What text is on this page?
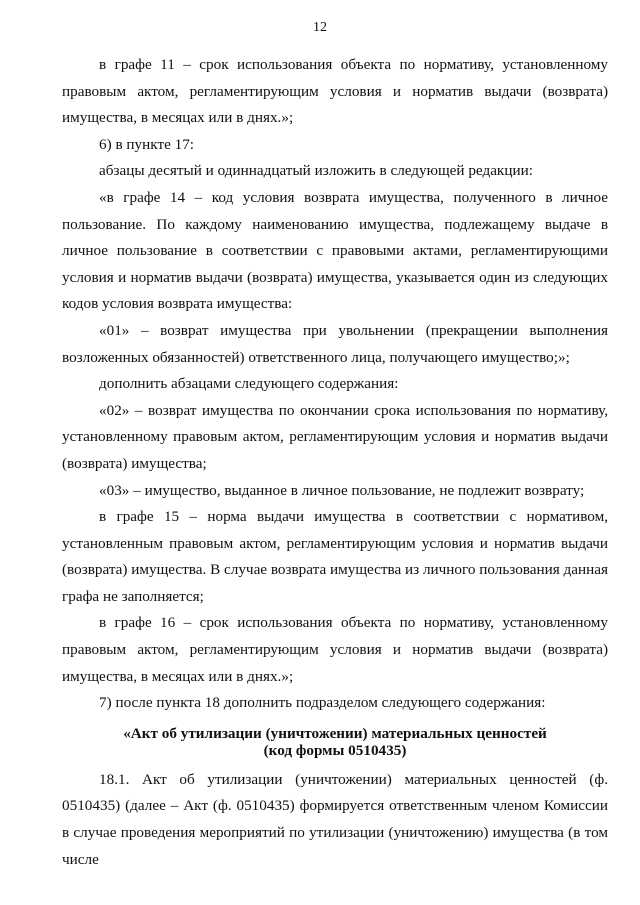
12

в графе 11 – срок использования объекта по нормативу, установленному правовым актом, регламентирующим условия и норматив выдачи (возврата) имущества, в месяцах или в днях.»;

6) в пункте 17:

абзацы десятый и одиннадцатый изложить в следующей редакции:

«в графе 14 – код условия возврата имущества, полученного в личное пользование. По каждому наименованию имущества, подлежащему выдаче в личное пользование в соответствии с правовыми актами, регламентирующими условия и норматив выдачи (возврата) имущества, указывается один из следующих кодов условия возврата имущества:

«01» – возврат имущества при увольнении (прекращении выполнения возложенных обязанностей) ответственного лица, получающего имущество;»;

дополнить абзацами следующего содержания:

«02» – возврат имущества по окончании срока использования по нормативу, установленному правовым актом, регламентирующим условия и норматив выдачи (возврата) имущества;

«03» – имущество, выданное в личное пользование, не подлежит возврату;

в графе 15 – норма выдачи имущества в соответствии с нормативом, установленным правовым актом, регламентирующим условия и норматив выдачи (возврата) имущества. В случае возврата имущества из личного пользования данная графа не заполняется;

в графе 16 – срок использования объекта по нормативу, установленному правовым актом, регламентирующим условия и норматив выдачи (возврата) имущества, в месяцах или в днях.»;

7) после пункта 18 дополнить подразделом следующего содержания:

«Акт об утилизации (уничтожении) материальных ценностей
(код формы 0510435)

18.1. Акт об утилизации (уничтожении) материальных ценностей (ф. 0510435) (далее – Акт (ф. 0510435) формируется ответственным членом Комиссии в случае проведения мероприятий по утилизации (уничтожению) имущества (в том числе
